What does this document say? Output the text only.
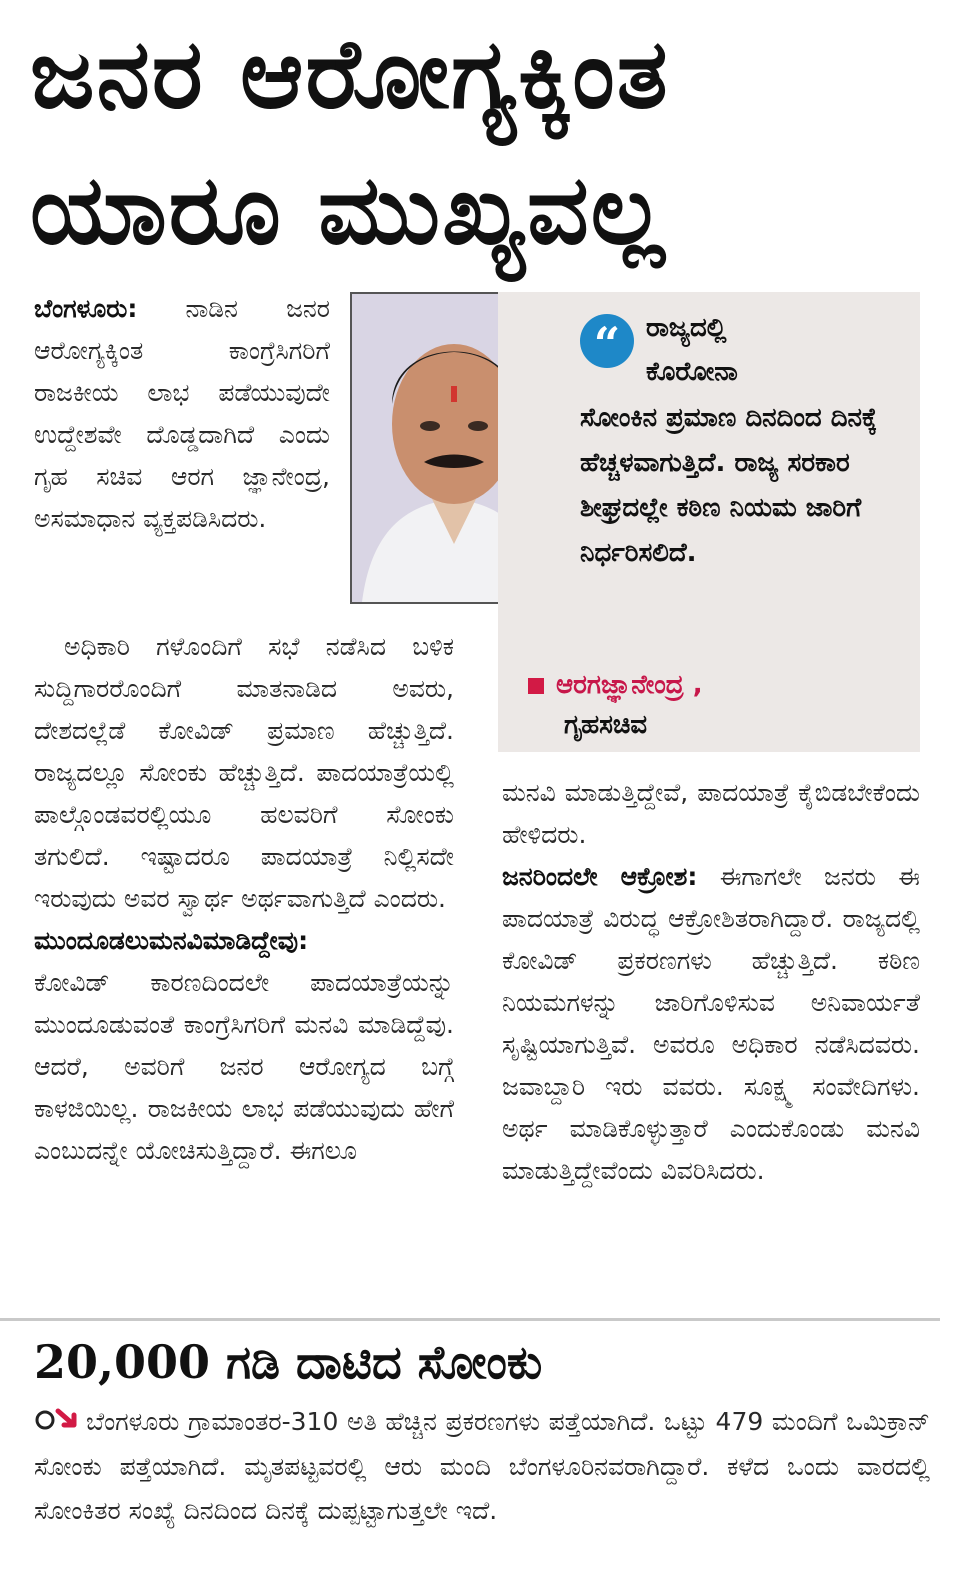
ಜನರ ಆರೋಗ್ಯಕ್ಕಿಂತ
ಯಾರೂ ಮುಖ್ಯವಲ್ಲ

ಬೆಂಗಳೂರು: ನಾಡಿನ ಜನರ ಆರೋಗ್ಯಕ್ಕಿಂತ ಕಾಂಗ್ರೆಸಿಗರಿಗೆ ರಾಜಕೀಯ ಲಾಭ ಪಡೆಯುವುದೇ ಉದ್ದೇಶವೇ ದೊಡ್ಡದಾಗಿದೆ ಎಂದು ಗೃಹ ಸಚಿವ ಆರಗ ಜ್ಞಾನೇಂದ್ರ, ಅಸಮಾಧಾನ ವ್ಯಕ್ತಪಡಿಸಿದರು.

“ ರಾಜ್ಯದಲ್ಲಿ
ಕೊರೋನಾ
ಸೋಂಕಿನ ಪ್ರಮಾಣ ದಿನದಿಂದ ದಿನಕ್ಕೆ ಹೆಚ್ಚಳವಾಗುತ್ತಿದೆ. ರಾಜ್ಯ ಸರಕಾರ ಶೀಘ್ರದಲ್ಲೇ ಕಠಿಣ ನಿಯಮ ಜಾರಿಗೆ ನಿರ್ಧರಿಸಲಿದೆ.
ಆರಗಜ್ಞಾನೇಂದ್ರ ,
ಗೃಹಸಚಿವ

ಅಧಿಕಾರಿ ಗಳೊಂದಿಗೆ ಸಭೆ ನಡೆಸಿದ ಬಳಿಕ ಸುದ್ದಿಗಾರರೊಂದಿಗೆ ಮಾತನಾಡಿದ ಅವರು, ದೇಶದಲ್ಲೆಡೆ ಕೋವಿಡ್ ಪ್ರಮಾಣ ಹೆಚ್ಚುತ್ತಿದೆ. ರಾಜ್ಯದಲ್ಲೂ ಸೋಂಕು ಹೆಚ್ಚುತ್ತಿದೆ. ಪಾದಯಾತ್ರೆಯಲ್ಲಿ ಪಾಲ್ಗೊಂಡವರಲ್ಲಿಯೂ ಹಲವರಿಗೆ ಸೋಂಕು ತಗುಲಿದೆ. ಇಷ್ಟಾದರೂ ಪಾದಯಾತ್ರೆ ನಿಲ್ಲಿಸದೇ ಇರುವುದು ಅವರ ಸ್ವಾರ್ಥ ಅರ್ಥವಾಗುತ್ತಿದೆ ಎಂದರು.

ಮುಂದೂಡಲುಮನವಿಮಾಡಿದ್ದೇವು:

ಕೋವಿಡ್ ಕಾರಣದಿಂದಲೇ ಪಾದಯಾತ್ರೆಯನ್ನು ಮುಂದೂಡುವಂತೆ ಕಾಂಗ್ರೆಸಿಗರಿಗೆ ಮನವಿ ಮಾಡಿದ್ದೆವು. ಆದರೆ, ಅವರಿಗೆ ಜನರ ಆರೋಗ್ಯದ ಬಗ್ಗೆ ಕಾಳಜಿಯಿಲ್ಲ. ರಾಜಕೀಯ ಲಾಭ ಪಡೆಯುವುದು ಹೇಗೆ ಎಂಬುದನ್ನೇ ಯೋಚಿಸುತ್ತಿದ್ದಾರೆ. ಈಗಲೂ

ಮನವಿ ಮಾಡುತ್ತಿದ್ದೇವೆ, ಪಾದಯಾತ್ರೆ ಕೈಬಿಡಬೇಕೆಂದು ಹೇಳಿದರು.

ಜನರಿಂದಲೇ ಆಕ್ರೋಶ: ಈಗಾಗಲೇ ಜನರು ಈ ಪಾದಯಾತ್ರೆ ವಿರುದ್ಧ ಆಕ್ರೋಶಿತರಾಗಿದ್ದಾರೆ. ರಾಜ್ಯದಲ್ಲಿ ಕೋವಿಡ್ ಪ್ರಕರಣಗಳು ಹೆಚ್ಚುತ್ತಿದೆ. ಕಠಿಣ ನಿಯಮಗಳನ್ನು ಜಾರಿಗೊಳಿಸುವ ಅನಿವಾರ್ಯತೆ ಸೃಷ್ಟಿಯಾಗುತ್ತಿವೆ. ಅವರೂ ಅಧಿಕಾರ ನಡೆಸಿದವರು. ಜವಾಬ್ದಾರಿ ಇರು ವವರು. ಸೂಕ್ಷ್ಮ ಸಂವೇದಿಗಳು. ಅರ್ಥ ಮಾಡಿಕೊಳ್ಳುತ್ತಾರೆ ಎಂದುಕೊಂಡು ಮನವಿ ಮಾಡುತ್ತಿದ್ದೇವೆಂದು ವಿವರಿಸಿದರು.

20,000 ಗಡಿ ದಾಟಿದ ಸೋಂಕು
ಬೆಂಗಳೂರು ಗ್ರಾಮಾಂತರ-310 ಅತಿ ಹೆಚ್ಚಿನ ಪ್ರಕರಣಗಳು ಪತ್ತೆಯಾಗಿದೆ. ಒಟ್ಟು 479 ಮಂದಿಗೆ ಒಮಿಕ್ರಾನ್ ಸೋಂಕು ಪತ್ತೆಯಾಗಿದೆ. ಮೃತಪಟ್ಟವರಲ್ಲಿ ಆರು ಮಂದಿ ಬೆಂಗಳೂರಿನವರಾಗಿದ್ದಾರೆ. ಕಳೆದ ಒಂದು ವಾರದಲ್ಲಿ ಸೋಂಕಿತರ ಸಂಖ್ಯೆ ದಿನದಿಂದ ದಿನಕ್ಕೆ ದುಪ್ಪಟ್ಟಾಗುತ್ತಲೇ ಇದೆ.
